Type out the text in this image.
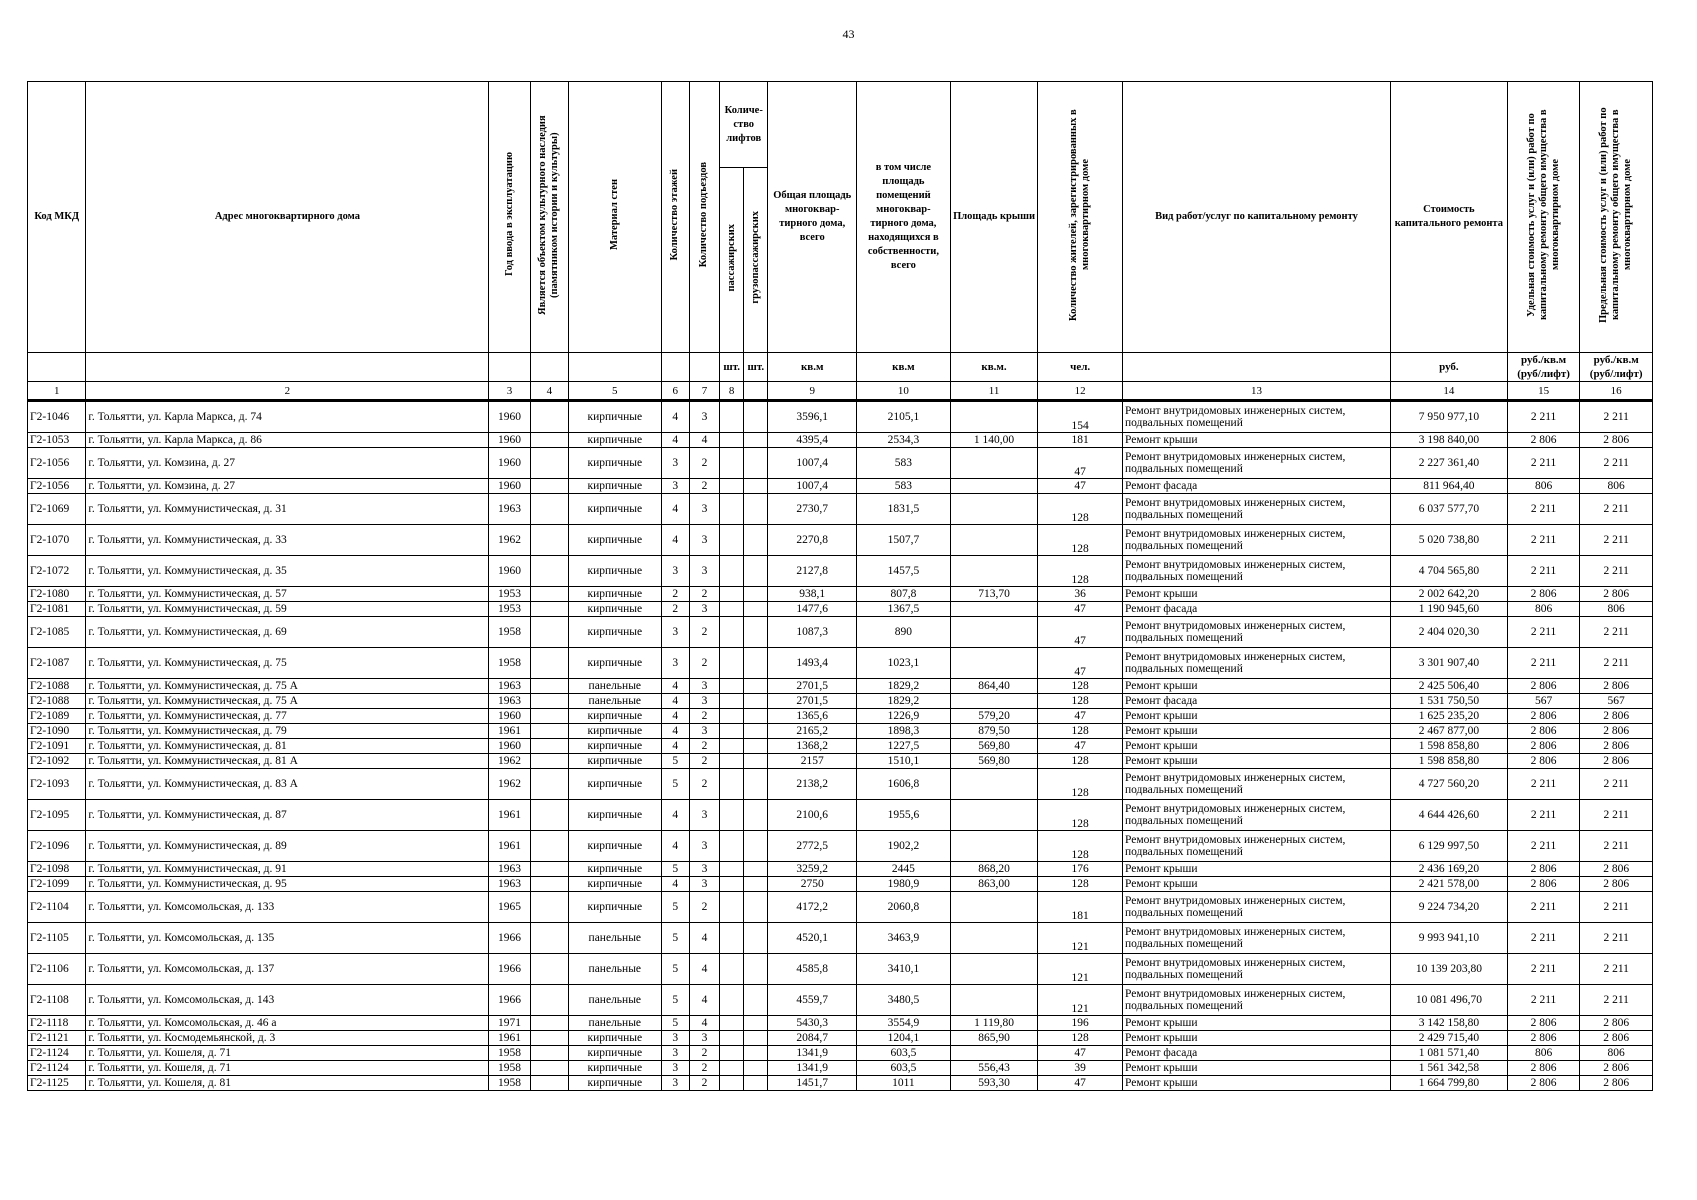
43
Код МКД	Адрес многоквартирного дома	Год ввода в эксплуатацию	Является объектом культурного наследия (памятником истории и культуры)	Материал стен	Количество этажей	Количество подъездов	Количе- ство лифтов		Общая площадь многоквар- тирного дома, всего	в том числе площадь помещений многоквар- тирного дома, находящихся в собственности, всего	Площадь крыши	Количество жителей, зарегистрированных в многоквартирном доме	Вид работ/услуг по капитальному ремонту	Стоимость капитального ремонта	Удельная стоимость услуг и (или) работ по капитальному ремонту общего имущества в многоквартирном доме	Предельная стоимость услуг и (или) работ по капитальному ремонту общего имущества в многоквартирном доме
							пассажирских	грузопассажирских								
							шт.	шт.	кв.м	кв.м	кв.м.	чел.		руб.	руб./кв.м (руб/лифт)	руб./кв.м (руб/лифт)
1	2	3	4	5	6	7	8		9	10	11	12	13	14	15	16
Г2-1046	г. Тольятти, ул. Карла Маркса, д. 74	1960		кирпичные	4	3			3596,1	2105,1		154	Ремонт внутридомовых инженерных систем, подвальных помещений	7 950 977,10	2 211	2 211
Г2-1053	г. Тольятти, ул. Карла Маркса, д. 86	1960		кирпичные	4	4			4395,4	2534,3	1 140,00	181	Ремонт крыши	3 198 840,00	2 806	2 806
Г2-1056	г. Тольятти, ул. Комзина, д. 27	1960		кирпичные	3	2			1007,4	583		47	Ремонт внутридомовых инженерных систем, подвальных помещений	2 227 361,40	2 211	2 211
Г2-1056	г. Тольятти, ул. Комзина, д. 27	1960		кирпичные	3	2			1007,4	583		47	Ремонт фасада	811 964,40	806	806
Г2-1069	г. Тольятти, ул. Коммунистическая, д. 31	1963		кирпичные	4	3			2730,7	1831,5		128	Ремонт внутридомовых инженерных систем, подвальных помещений	6 037 577,70	2 211	2 211
Г2-1070	г. Тольятти, ул. Коммунистическая, д. 33	1962		кирпичные	4	3			2270,8	1507,7		128	Ремонт внутридомовых инженерных систем, подвальных помещений	5 020 738,80	2 211	2 211
Г2-1072	г. Тольятти, ул. Коммунистическая, д. 35	1960		кирпичные	3	3			2127,8	1457,5		128	Ремонт внутридомовых инженерных систем, подвальных помещений	4 704 565,80	2 211	2 211
Г2-1080	г. Тольятти, ул. Коммунистическая, д. 57	1953		кирпичные	2	2			938,1	807,8	713,70	36	Ремонт крыши	2 002 642,20	2 806	2 806
Г2-1081	г. Тольятти, ул. Коммунистическая, д. 59	1953		кирпичные	2	3			1477,6	1367,5		47	Ремонт фасада	1 190 945,60	806	806
Г2-1085	г. Тольятти, ул. Коммунистическая, д. 69	1958		кирпичные	3	2			1087,3	890		47	Ремонт внутридомовых инженерных систем, подвальных помещений	2 404 020,30	2 211	2 211
Г2-1087	г. Тольятти, ул. Коммунистическая, д. 75	1958		кирпичные	3	2			1493,4	1023,1		47	Ремонт внутридомовых инженерных систем, подвальных помещений	3 301 907,40	2 211	2 211
Г2-1088	г. Тольятти, ул. Коммунистическая, д. 75 А	1963		панельные	4	3			2701,5	1829,2	864,40	128	Ремонт крыши	2 425 506,40	2 806	2 806
Г2-1088	г. Тольятти, ул. Коммунистическая, д. 75 А	1963		панельные	4	3			2701,5	1829,2		128	Ремонт фасада	1 531 750,50	567	567
Г2-1089	г. Тольятти, ул. Коммунистическая, д. 77	1960		кирпичные	4	2			1365,6	1226,9	579,20	47	Ремонт крыши	1 625 235,20	2 806	2 806
Г2-1090	г. Тольятти, ул. Коммунистическая, д. 79	1961		кирпичные	4	3			2165,2	1898,3	879,50	128	Ремонт крыши	2 467 877,00	2 806	2 806
Г2-1091	г. Тольятти, ул. Коммунистическая, д. 81	1960		кирпичные	4	2			1368,2	1227,5	569,80	47	Ремонт крыши	1 598 858,80	2 806	2 806
Г2-1092	г. Тольятти, ул. Коммунистическая, д. 81 А	1962		кирпичные	5	2			2157	1510,1	569,80	128	Ремонт крыши	1 598 858,80	2 806	2 806
Г2-1093	г. Тольятти, ул. Коммунистическая, д. 83 А	1962		кирпичные	5	2			2138,2	1606,8		128	Ремонт внутридомовых инженерных систем, подвальных помещений	4 727 560,20	2 211	2 211
Г2-1095	г. Тольятти, ул. Коммунистическая, д. 87	1961		кирпичные	4	3			2100,6	1955,6		128	Ремонт внутридомовых инженерных систем, подвальных помещений	4 644 426,60	2 211	2 211
Г2-1096	г. Тольятти, ул. Коммунистическая, д. 89	1961		кирпичные	4	3			2772,5	1902,2		128	Ремонт внутридомовых инженерных систем, подвальных помещений	6 129 997,50	2 211	2 211
Г2-1098	г. Тольятти, ул. Коммунистическая, д. 91	1963		кирпичные	5	3			3259,2	2445	868,20	176	Ремонт крыши	2 436 169,20	2 806	2 806
Г2-1099	г. Тольятти, ул. Коммунистическая, д. 95	1963		кирпичные	4	3			2750	1980,9	863,00	128	Ремонт крыши	2 421 578,00	2 806	2 806
Г2-1104	г. Тольятти, ул. Комсомольская, д. 133	1965		кирпичные	5	2			4172,2	2060,8		181	Ремонт внутридомовых инженерных систем, подвальных помещений	9 224 734,20	2 211	2 211
Г2-1105	г. Тольятти, ул. Комсомольская, д. 135	1966		панельные	5	4			4520,1	3463,9		121	Ремонт внутридомовых инженерных систем, подвальных помещений	9 993 941,10	2 211	2 211
Г2-1106	г. Тольятти, ул. Комсомольская, д. 137	1966		панельные	5	4			4585,8	3410,1		121	Ремонт внутридомовых инженерных систем, подвальных помещений	10 139 203,80	2 211	2 211
Г2-1108	г. Тольятти, ул. Комсомольская, д. 143	1966		панельные	5	4			4559,7	3480,5		121	Ремонт внутридомовых инженерных систем, подвальных помещений	10 081 496,70	2 211	2 211
Г2-1118	г. Тольятти, ул. Комсомольская, д. 46 а	1971		панельные	5	4			5430,3	3554,9	1 119,80	196	Ремонт крыши	3 142 158,80	2 806	2 806
Г2-1121	г. Тольятти, ул. Космодемьянской, д. 3	1961		кирпичные	3	3			2084,7	1204,1	865,90	128	Ремонт крыши	2 429 715,40	2 806	2 806
Г2-1124	г. Тольятти, ул. Кошеля, д. 71	1958		кирпичные	3	2			1341,9	603,5		47	Ремонт фасада	1 081 571,40	806	806
Г2-1124	г. Тольятти, ул. Кошеля, д. 71	1958		кирпичные	3	2			1341,9	603,5	556,43	39	Ремонт крыши	1 561 342,58	2 806	2 806
Г2-1125	г. Тольятти, ул. Кошеля, д. 81	1958		кирпичные	3	2			1451,7	1011	593,30	47	Ремонт крыши	1 664 799,80	2 806	2 806
